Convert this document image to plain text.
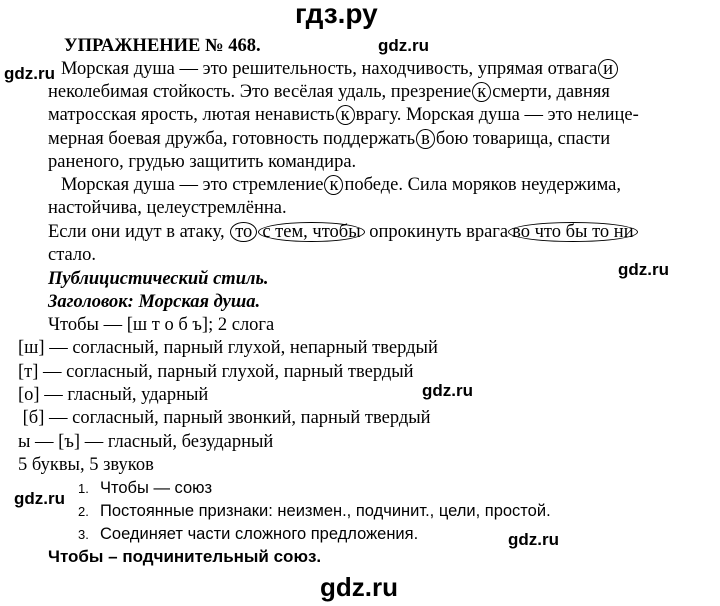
гдз.ру
gdz.ru
gdz.ru
gdz.ru
gdz.ru
gdz.ru
gdz.ru
gdz.ru
УПРАЖНЕНИЕ № 468.
Морская душа — это решительность, находчивость, упрямая отвага и
неколебимая стойкость. Это весёлая удаль, презрение к смерти, давняя
матросская ярость, лютая ненависть к врагу. Морская душа — это нелице-
мерная боевая дружба, готовность поддержать в бою товарища, спасти
раненого, грудью защитить командира.
Морская душа — это стремление к победе. Сила моряков неудержима,
настойчива, целеустремлённа.
Если они идут в атаку, то с тем, чтобы опрокинуть врага во что бы то ни
стало.
Публицистический стиль.
Заголовок: Морская душа.
Чтобы — [ш т о б ъ]; 2 слога
[ш] — согласный, парный глухой, непарный твердый
[т] — согласный, парный глухой, парный твердый
[о] — гласный, ударный
[б] — согласный, парный звонкий, парный твердый
ы — [ъ] — гласный, безударный
5 буквы, 5 звуков
1. Чтобы — союз
2. Постоянные признаки: неизмен., подчинит., цели, простой.
3. Соединяет части сложного предложения.
Чтобы – подчинительный союз.
